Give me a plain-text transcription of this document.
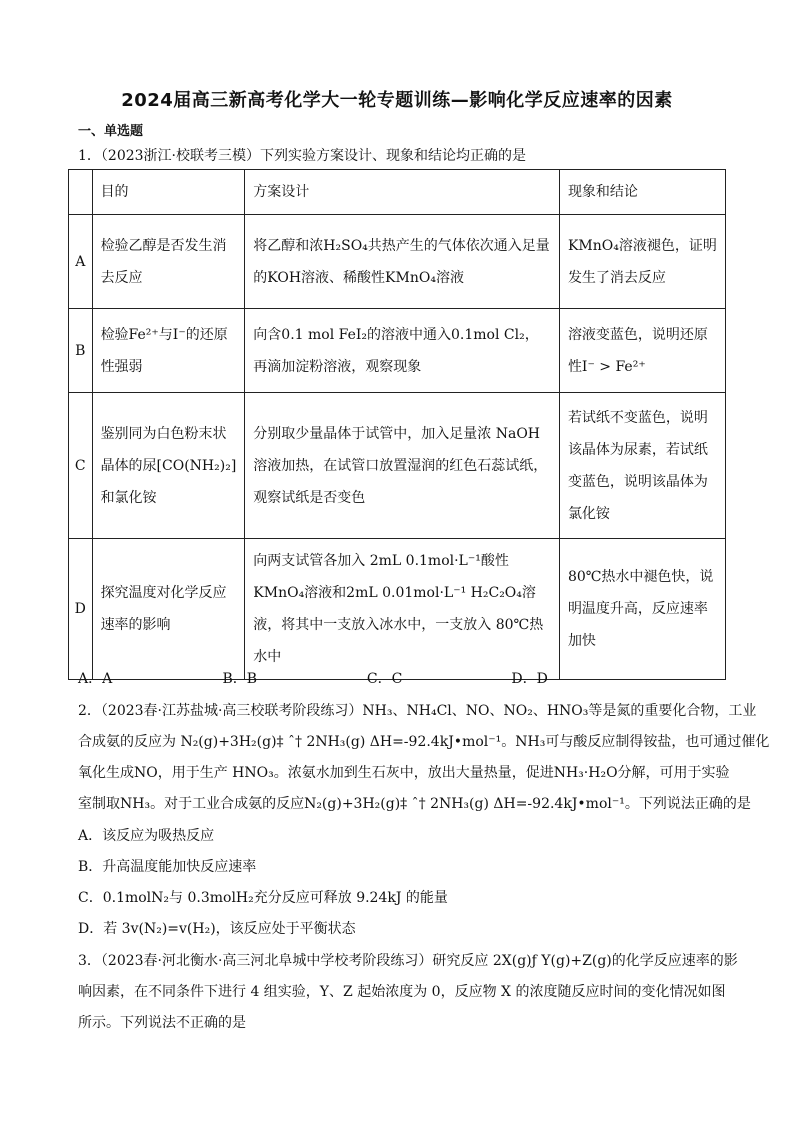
2024届高三新高考化学大一轮专题训练—影响化学反应速率的因素
一、单选题
1．（2023浙江·校联考三模）下列实验方案设计、现象和结论均正确的是
	目的	方案设计	现象和结论
A	检验乙醇是否发生消去反应	将乙醇和浓H₂SO₄共热产生的气体依次通入足量的KOH溶液、稀酸性KMnO₄溶液	KMnO₄溶液褪色，证明发生了消去反应
B	检验Fe²⁺与I⁻的还原性强弱	向含0.1 mol FeI₂的溶液中通入0.1mol Cl₂，再滴加淀粉溶液，观察现象	溶液变蓝色，说明还原性I⁻ > Fe²⁺
C	鉴别同为白色粉末状晶体的尿[CO(NH₂)₂]和氯化铵	分别取少量晶体于试管中，加入足量浓 NaOH溶液加热，在试管口放置湿润的红色石蕊试纸，观察试纸是否变色	若试纸不变蓝色，说明该晶体为尿素，若试纸变蓝色，说明该晶体为氯化铵
D	探究温度对化学反应速率的影响	向两支试管各加入 2mL 0.1mol·L⁻¹酸性KMnO₄溶液和2mL 0.01mol·L⁻¹ H₂C₂O₄溶液，将其中一支放入冰水中，一支放入 80℃热水中	80℃热水中褪色快，说明温度升高，反应速率加快
A．A	B．B	C．C	D．D
2．（2023春·江苏盐城·高三校联考阶段练习）NH₃、NH₄Cl、NO、NO₂、HNO₃等是氮的重要化合物，工业
合成氨的反应为 N₂(g)+3H₂(g)‡ ˆ† 2NH₃(g) ΔH=-92.4kJ•mol⁻¹。NH₃可与酸反应制得铵盐，也可通过催化
氧化生成NO，用于生产 HNO₃。浓氨水加到生石灰中，放出大量热量，促进NH₃·H₂O分解，可用于实验
室制取NH₃。对于工业合成氨的反应N₂(g)+3H₂(g)‡ ˆ† 2NH₃(g) ΔH=-92.4kJ•mol⁻¹。下列说法正确的是
A．该反应为吸热反应
B．升高温度能加快反应速率
C．0.1molN₂与 0.3molH₂充分反应可释放 9.24kJ 的能量
D．若 3v(N₂)=v(H₂)，该反应处于平衡状态
3．（2023春·河北衡水·高三河北阜城中学校考阶段练习）研究反应 2X(g)ƒ Y(g)+Z(g)的化学反应速率的影
响因素，在不同条件下进行 4 组实验，Y、Z 起始浓度为 0，反应物 X 的浓度随反应时间的变化情况如图
所示。下列说法不正确的是
